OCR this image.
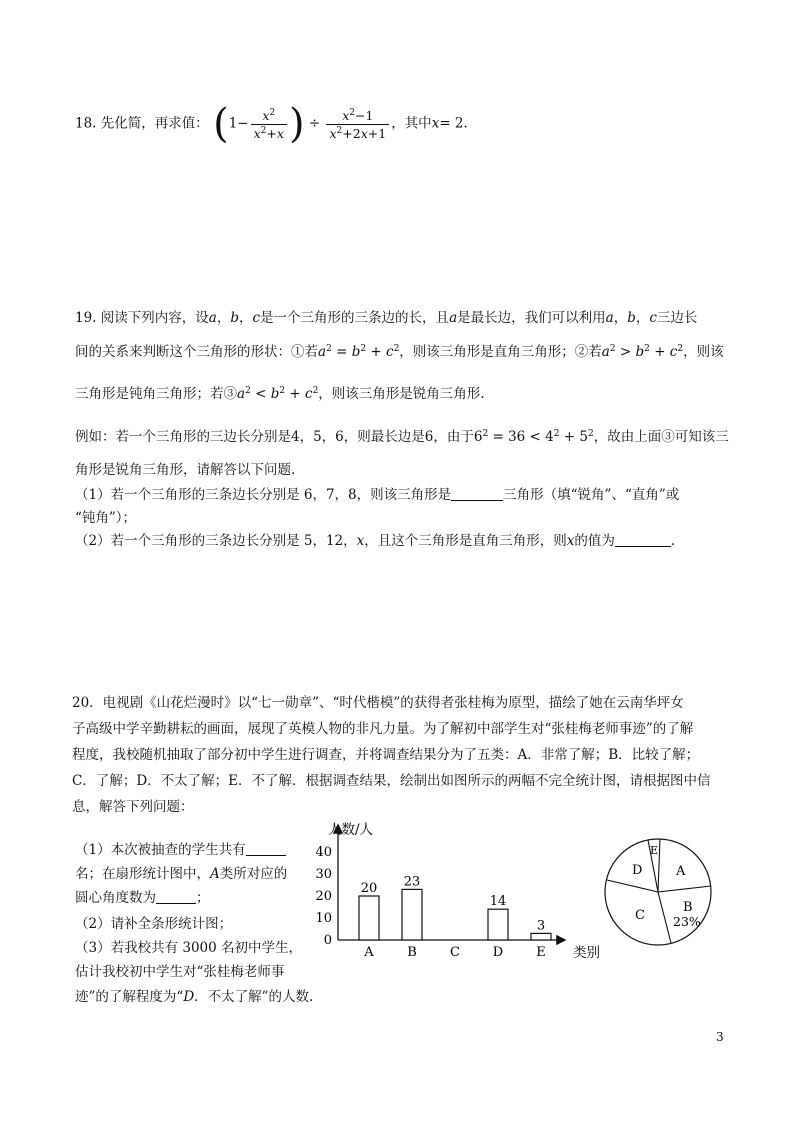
18. 先化简，再求值： ($1- \frac{x^2}{x^2+x}$ ) ÷ $\frac{x^2-1}{x^2+2x+1}$ ，其中x= 2.
19. 阅读下列内容，设a，b，c是一个三角形的三条边的长，且a是最长边，我们可以利用a，b，c三边长
间的关系来判断这个三角形的形状：①若$a^2 = b^2 + c^2$，则该三角形是直角三角形；②若$a^2 > b^2 + c^2$，则该
三角形是钝角三角形；若$③a^2 < b^2 + c^2$，则该三角形是锐角三角形.
例如：若一个三角形的三边长分别是4，5，6，则最长边是6，由于$6^2 = 36 < 4^2 + 5^2$，故由上面③可知该三
角形是锐角三角形，请解答以下问题.
（1）若一个三角形的三条边长分别是 6，7，8，则该三角形是	三角形（填“锐角”、“直角”或
“钝角”）；
（2）若一个三角形的三条边长分别是 5，12，x，且这个三角形是直角三角形，则x的值为	.
20．电视剧《山花烂漫时》以“七一勋章”、“时代楷模”的获得者张桂梅为原型，描绘了她在云南华坪女
子高级中学辛勤耕耘的画面，展现了英模人物的非凡力量。为了解初中部学生对“张桂梅老师事迹”的了解
程度，我校随机抽取了部分初中学生进行调查，并将调查结果分为了五类：A．非常了解；B．比较了解；
C．了解；D．不太了解；E．不了解．根据调查结果，绘制出如图所示的两幅不完全统计图，请根据图中信
息，解答下列问题：
（1）本次被抽查的学生共有
名；在扇形统计图中，A类所对应的
圆心角度数为	；
（2）请补全条形统计图；
（3）若我校共有 3000 名初中学生，
估计我校初中学生对“张桂梅老师事
迹”的了解程度为“D．不太了解”的人数.
人数/人
类别
0
10
20
30
40
20 23
14
3
A	B	C	D	E
A
B
23%
C
D
E
3
